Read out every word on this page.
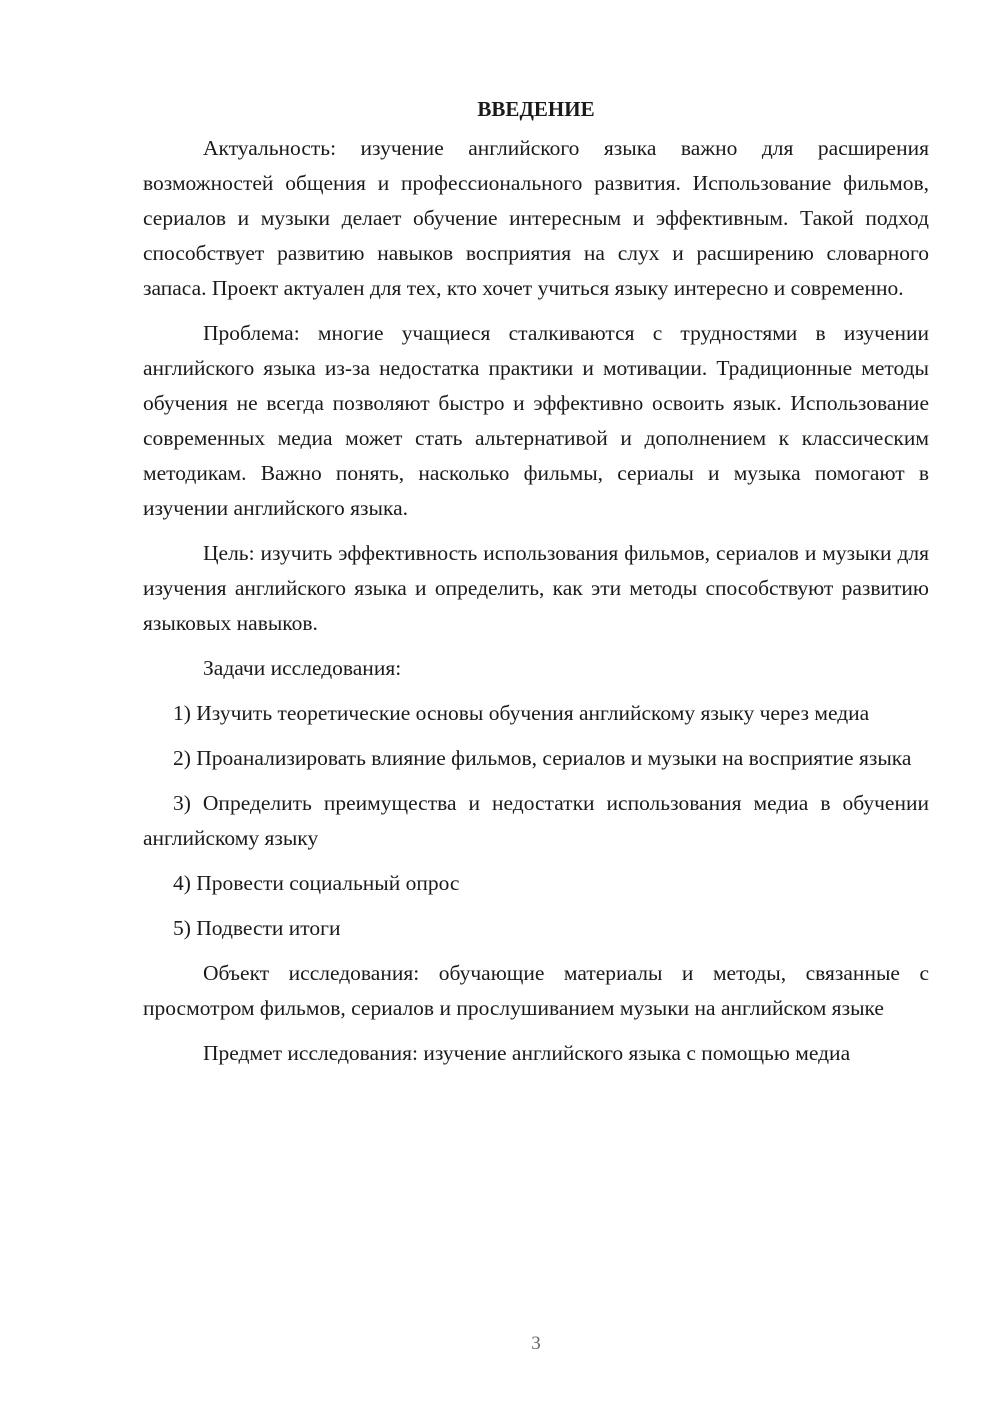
ВВЕДЕНИЕ

Актуальность: изучение английского языка важно для расширения возможностей общения и профессионального развития. Использование фильмов, сериалов и музыки делает обучение интересным и эффективным. Такой подход способствует развитию навыков восприятия на слух и расширению словарного запаса. Проект актуален для тех, кто хочет учиться языку интересно и современно.

Проблема: многие учащиеся сталкиваются с трудностями в изучении английского языка из-за недостатка практики и мотивации. Традиционные методы обучения не всегда позволяют быстро и эффективно освоить язык. Использование современных медиа может стать альтернативой и дополнением к классическим методикам. Важно понять, насколько фильмы, сериалы и музыка помогают в изучении английского языка.

Цель: изучить эффективность использования фильмов, сериалов и музыки для изучения английского языка и определить, как эти методы способствуют развитию языковых навыков.

Задачи исследования:

1) Изучить теоретические основы обучения английскому языку через медиа

2) Проанализировать влияние фильмов, сериалов и музыки на восприятие языка

3) Определить преимущества и недостатки использования медиа в обучении английскому языку

4) Провести социальный опрос

5) Подвести итоги

Объект исследования: обучающие материалы и методы, связанные с просмотром фильмов, сериалов и прослушиванием музыки на английском языке

Предмет исследования: изучение английского языка с помощью медиа

3
